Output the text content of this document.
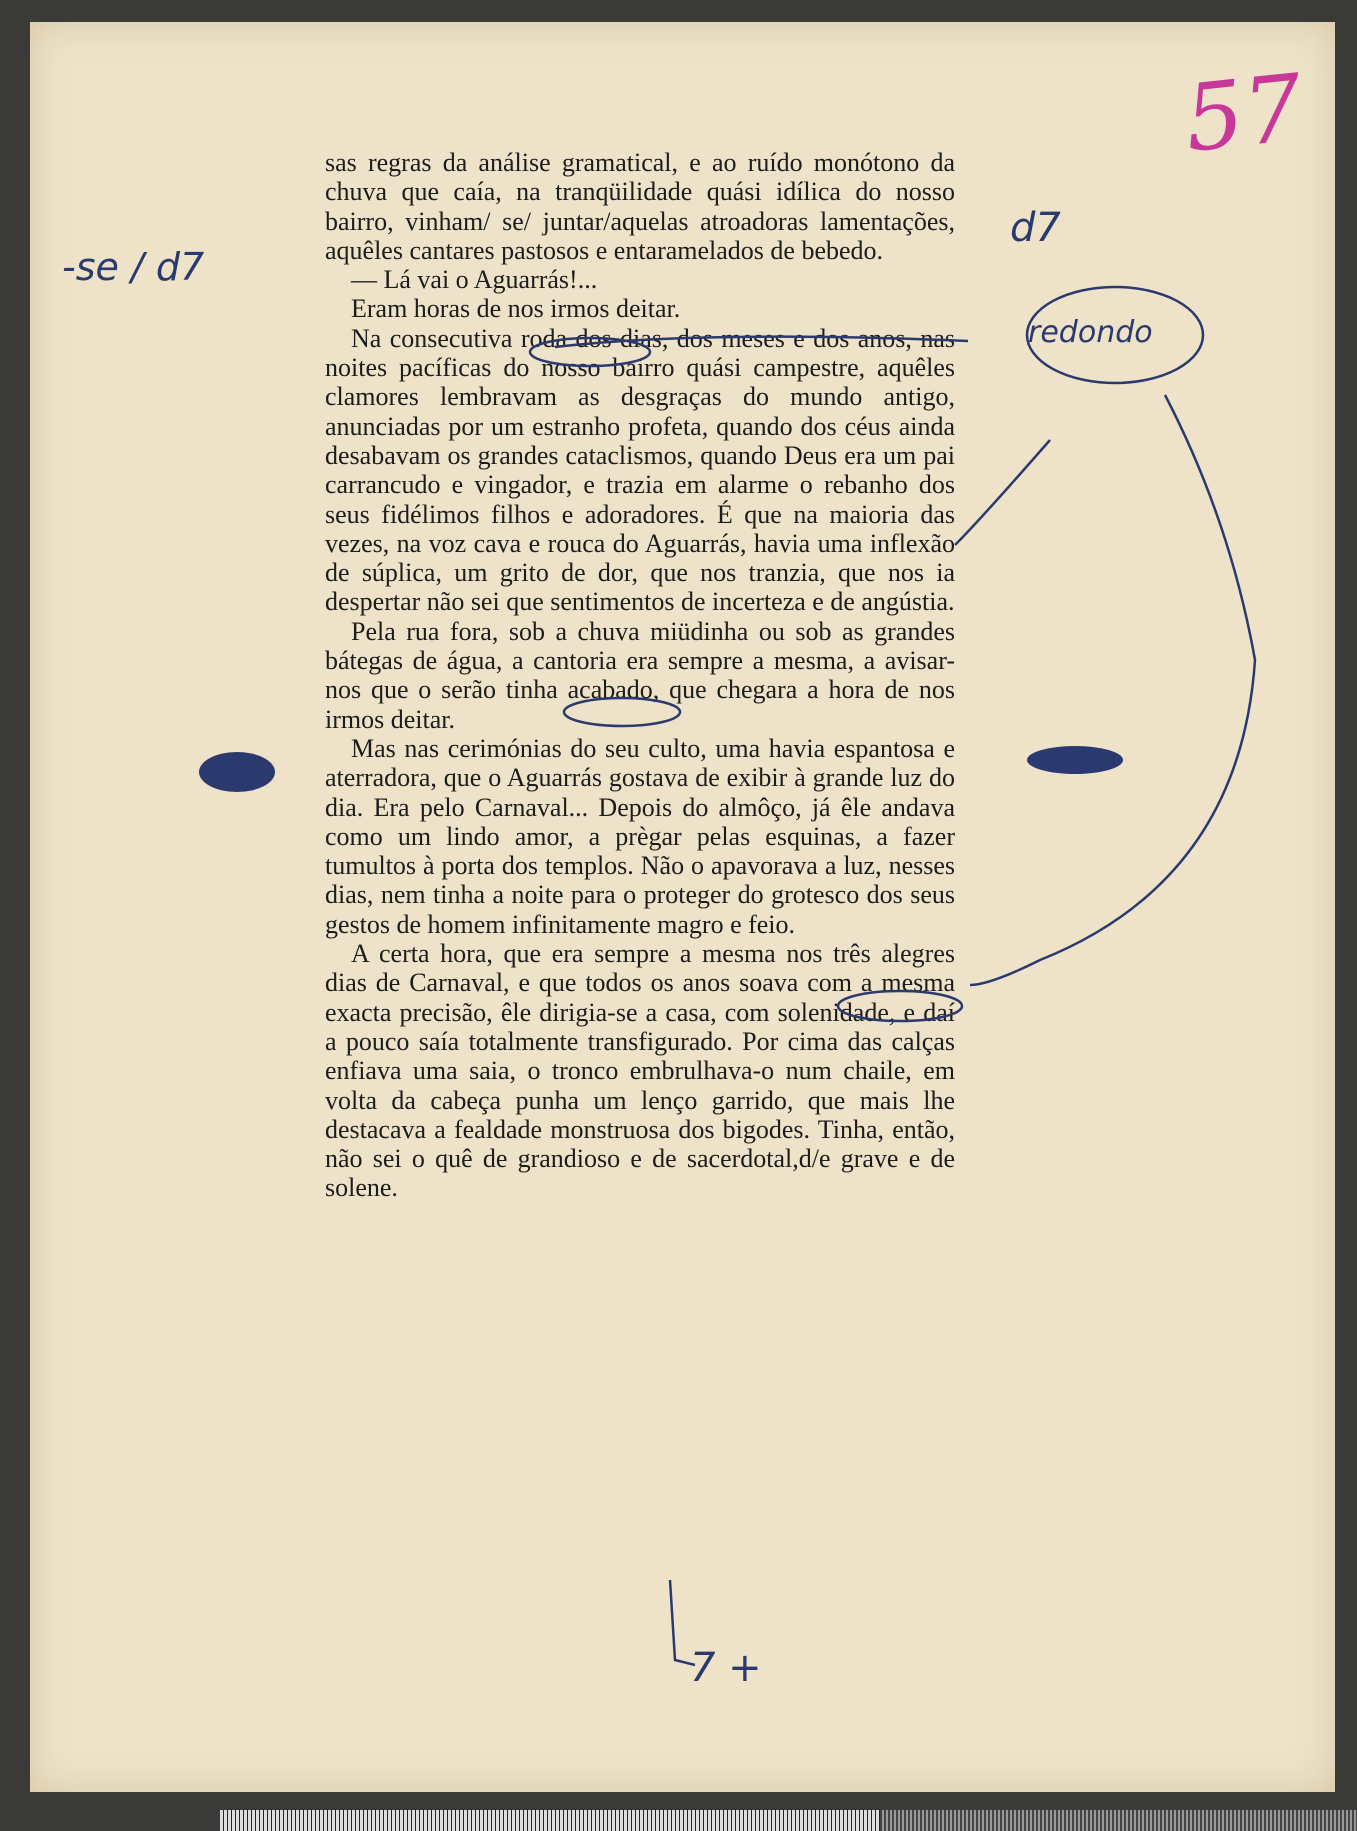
57

sas regras da análise gramatical, e ao ruído monótono da chuva que caía, na tranqüilidade quási idílica do nosso bairro, vinham/ se/ juntar/aquelas atroadoras lamentações, aquêles cantares pastosos e entaramelados de bebedo.

— Lá vai o Aguarrás!...

Eram horas de nos irmos deitar.

Na consecutiva roda dos dias, dos meses e dos anos, nas noites pacíficas do nosso bairro quási campestre, aquêles clamores lembravam as desgraças do mundo antigo, anunciadas por um estranho profeta, quando dos céus ainda desabavam os grandes cataclismos, quando Deus era um pai carrancudo e vingador, e trazia em alarme o rebanho dos seus fidélimos filhos e adoradores. É que na maioria das vezes, na voz cava e rouca do Aguarrás, havia uma inflexão de súplica, um grito de dor, que nos tranzia, que nos ia despertar não sei que sentimentos de incerteza e de angústia.

Pela rua fora, sob a chuva miüdinha ou sob as grandes bátegas de água, a cantoria era sempre a mesma, a avisar-nos que o serão tinha acabado, que chegara a hora de nos irmos deitar.

Mas nas cerimónias do seu culto, uma havia espantosa e aterradora, que o Aguarrás gostava de exibir à grande luz do dia. Era pelo Carnaval... Depois do almôço, já êle andava como um lindo amor, a prègar pelas esquinas, a fazer tumultos à porta dos templos. Não o apavorava a luz, nesses dias, nem tinha a noite para o proteger do grotesco dos seus gestos de homem infinitamente magro e feio.

A certa hora, que era sempre a mesma nos três alegres dias de Carnaval, e que todos os anos soava com a mesma exacta precisão, êle dirigia-se a casa, com solenidade, e daí a pouco saía totalmente transfigurado. Por cima das calças enfiava uma saia, o tronco embrulhava-o num chaile, em volta da cabeça punha um lenço garrido, que mais lhe destacava a fealdade monstruosa dos bigodes. Tinha, então, não sei o quê de grandioso e de sacerdotal,d/e grave e de solene.

-se / d7
d7
redondo
7 +
